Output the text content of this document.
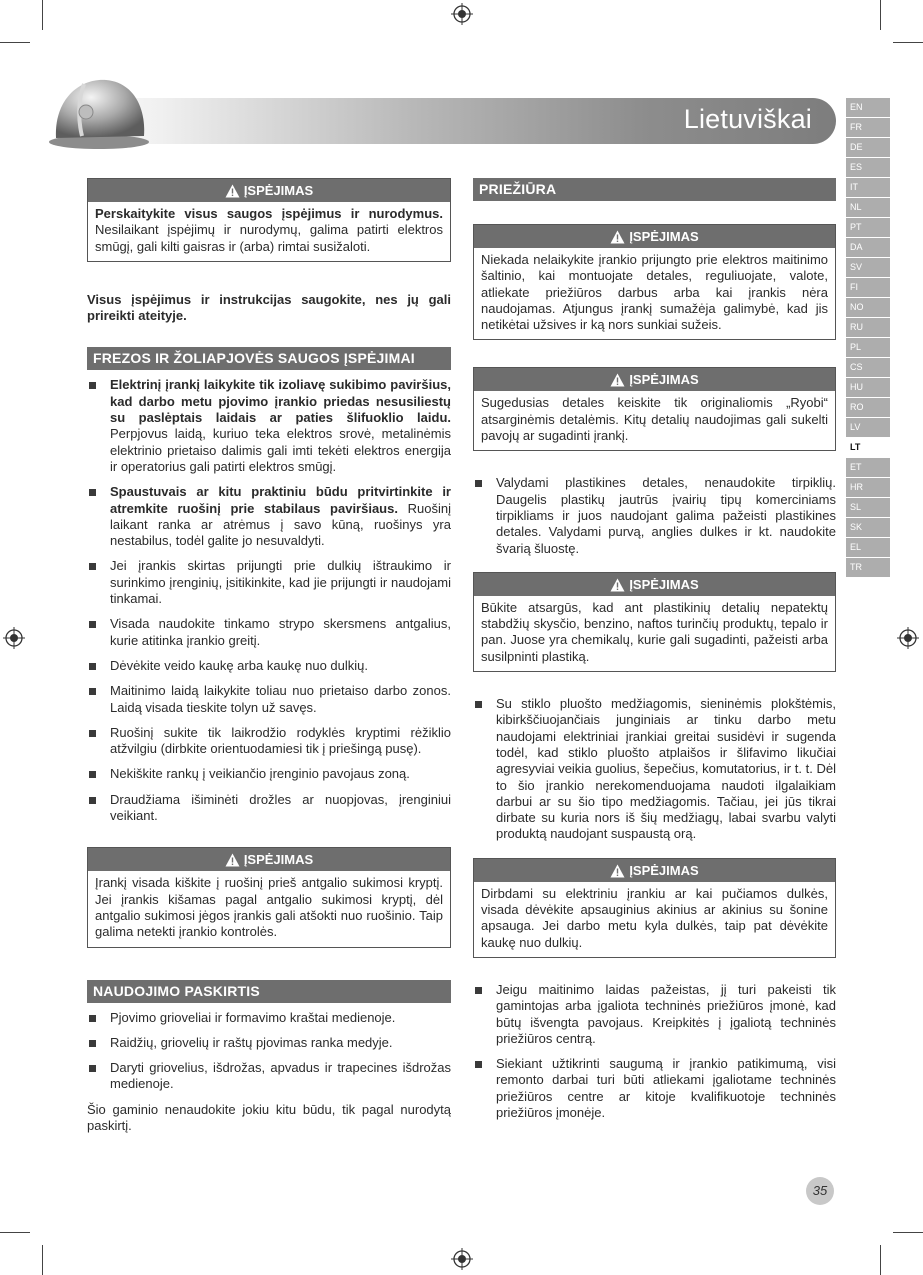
Lietuviškai	EN
FR
DE
ES
IT
NL
PT
DA
SV
FI
NO
RU
PL
CS
HU
RO
LV
LT
ET
HR
SL
SK
EL
TR
ĮSPĖJIMAS
Perskaitykite visus saugos įspėjimus ir nurodymus. Nesilaikant įspėjimų ir nurodymų, galima patirti elektros smūgį, gali kilti gaisras ir (arba) rimtai susižaloti.

Visus įspėjimus ir instrukcijas saugokite, nes jų gali prireikti ateityje.

FREZOS IR ŽOLIAPJOVĖS SAUGOS ĮSPĖJIMAI
Elektrinį įrankį laikykite tik izoliavę sukibimo paviršius, kad darbo metu pjovimo įrankio priedas nesusiliestų su paslėptais laidais ar paties šlifuoklio laidu. Perpjovus laidą, kuriuo teka elektros srovė, metalinėmis elektrinio prietaiso dalimis gali imti tekėti elektros energija ir operatorius gali patirti elektros smūgį.
Spaustuvais ar kitu praktiniu būdu pritvirtinkite ir atremkite ruošinį prie stabilaus paviršiaus. Ruošinį laikant ranka ar atrėmus į savo kūną, ruošinys yra nestabilus, todėl galite jo nesuvaldyti.
Jei įrankis skirtas prijungti prie dulkių ištraukimo ir surinkimo įrenginių, įsitikinkite, kad jie prijungti ir naudojami tinkamai.
Visada naudokite tinkamo strypo skersmens antgalius, kurie atitinka įrankio greitį.
Dėvėkite veido kaukę arba kaukę nuo dulkių.
Maitinimo laidą laikykite toliau nuo prietaiso darbo zonos. Laidą visada tieskite tolyn už savęs.
Ruošinį sukite tik laikrodžio rodyklės kryptimi rėžiklio atžvilgiu (dirbkite orientuodamiesi tik į priešingą pusę).
Nekiškite rankų į veikiančio įrenginio pavojaus zoną.
Draudžiama išiminėti drožles ar nuopjovas, įrenginiui veikiant.
ĮSPĖJIMAS
Įrankį visada kiškite į ruošinį prieš antgalio sukimosi kryptį. Jei įrankis kišamas pagal antgalio sukimosi kryptį, dėl antgalio sukimosi jėgos įrankis gali atšokti nuo ruošinio. Taip galima netekti įrankio kontrolės.
NAUDOJIMO PASKIRTIS
Pjovimo grioveliai ir formavimo kraštai medienoje.
Raidžių, griovelių ir raštų pjovimas ranka medyje.
Daryti griovelius, išdrožas, apvadus ir trapecines išdrožas medienoje.

Šio gaminio nenaudokite jokiu kitu būdu, tik pagal nurodytą paskirtį.

PRIEŽIŪRA
ĮSPĖJIMAS
Niekada nelaikykite įrankio prijungto prie elektros maitinimo šaltinio, kai montuojate detales, reguliuojate, valote, atliekate priežiūros darbus arba kai įrankis nėra naudojamas. Atjungus įrankį sumažėja galimybė, kad jis netikėtai užsives ir ką nors sunkiai sužeis.
ĮSPĖJIMAS
Sugedusias detales keiskite tik originaliomis „Ryobi“ atsarginėmis detalėmis. Kitų detalių naudojimas gali sukelti pavojų ar sugadinti įrankį.
Valydami plastikines detales, nenaudokite tirpiklių. Daugelis plastikų jautrūs įvairių tipų komerciniams tirpikliams ir juos naudojant galima pažeisti plastikines detales. Valydami purvą, anglies dulkes ir kt. naudokite švarią šluostę.
ĮSPĖJIMAS
Būkite atsargūs, kad ant plastikinių detalių nepatektų stabdžių skysčio, benzino, naftos turinčių produktų, tepalo ir pan. Juose yra chemikalų, kurie gali sugadinti, pažeisti arba susilpninti plastiką.
Su stiklo pluošto medžiagomis, sieninėmis plokštėmis, kibirkščiuojančiais junginiais ar tinku darbo metu naudojami elektriniai įrankiai greitai susidėvi ir sugenda todėl, kad stiklo pluošto atplaišos ir šlifavimo likučiai agresyviai veikia guolius, šepečius, komutatorius, ir t. t. Dėl to šio įrankio nerekomenduojama naudoti ilgalaikiam darbui ar su šio tipo medžiagomis. Tačiau, jei jūs tikrai dirbate su kuria nors iš šių medžiagų, labai svarbu valyti produktą naudojant suspaustą orą.
ĮSPĖJIMAS
Dirbdami su elektriniu įrankiu ar kai pučiamos dulkės, visada dėvėkite apsauginius akinius ar akinius su šonine apsauga. Jei darbo metu kyla dulkės, taip pat dėvėkite kaukę nuo dulkių.
Jeigu maitinimo laidas pažeistas, jį turi pakeisti tik gamintojas arba įgaliota techninės priežiūros įmonė, kad būtų išvengta pavojaus. Kreipkitės į įgaliotą techninės priežiūros centrą.
Siekiant užtikrinti saugumą ir įrankio patikimumą, visi remonto darbai turi būti atliekami įgaliotame techninės priežiūros centre ar kitoje kvalifikuotoje techninės priežiūros įmonėje.
35
